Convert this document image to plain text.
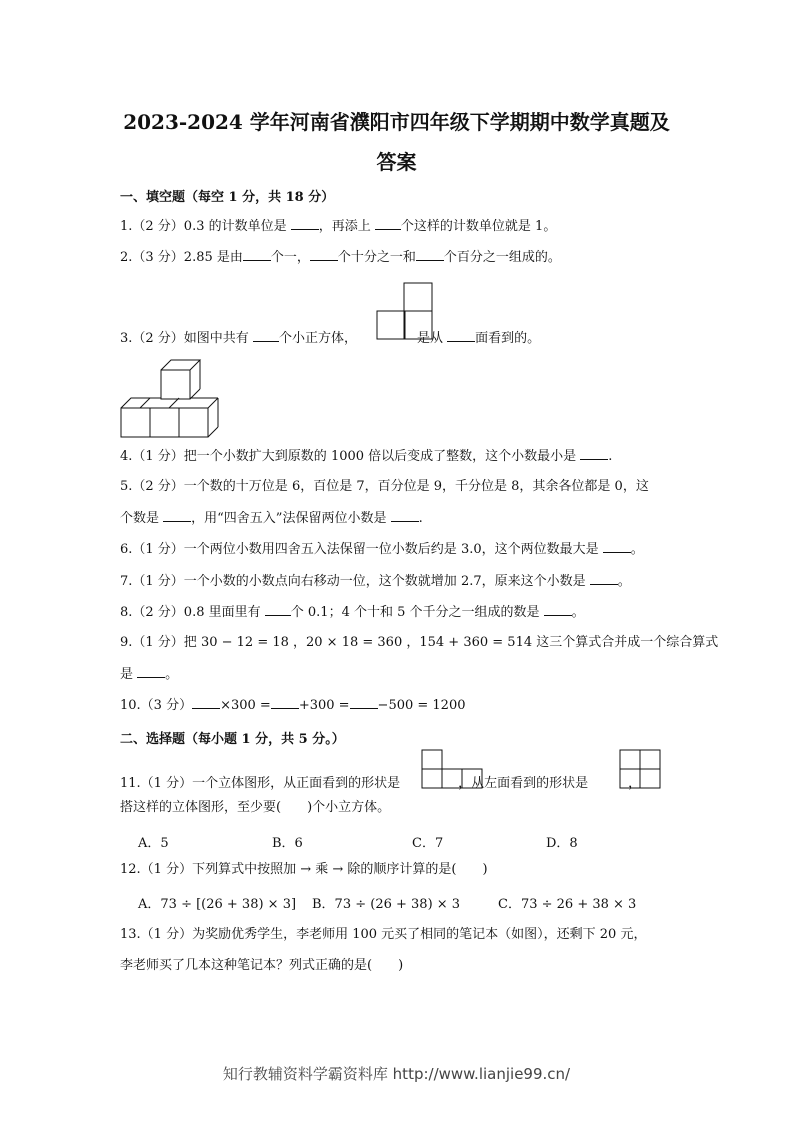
2023-2024 学年河南省濮阳市四年级下学期期中数学真题及
答案
一、填空题（每空 1 分，共 18 分）
1.（2 分）0.3 的计数单位是 ，再添上 个这样的计数单位就是 1。
2.（3 分）2.85 是由 个一， 个十分之一和 个百分之一组成的。
3.（2 分）如图中共有 个小正方体，	是从 面看到的。
4.（1 分）把一个小数扩大到原数的 1000 倍以后变成了整数，这个小数最小是 .
5.（2 分）一个数的十万位是 6，百位是 7，百分位是 9，千分位是 8，其余各位都是 0，这
个数是 ，用“四舍五入”法保留两位小数是 .
6.（1 分）一个两位小数用四舍五入法保留一位小数后约是 3.0，这个两位数最大是 。
7.（1 分）一个小数的小数点向右移动一位，这个数就增加 2.7，原来这个小数是 。
8.（2 分）0.8 里面里有 个 0.1；4 个十和 5 个千分之一组成的数是 。
9.（1 分）把 30 − 12 = 18 ，20 × 18 = 360 ，154 + 360 = 514 这三个算式合并成一个综合算式
是 。
10.（3 分） ×300 = +300 = −500 = 1200
二、选择题（每小题 1 分，共 5 分。）
11.（1 分）一个立体图形，从正面看到的形状是	，从左面看到的形状是	，
搭这样的立体图形，至少要(　　)个小立方体。
A．5	B．6	C．7	D．8
12.（1 分）下列算式中按照加 → 乘 → 除的顺序计算的是(　　)
A．73 ÷ [(26 + 38) × 3] B．73 ÷ (26 + 38) × 3	C．73 ÷ 26 + 38 × 3
13.（1 分）为奖励优秀学生，李老师用 100 元买了相同的笔记本（如图），还剩下 20 元，
李老师买了几本这种笔记本？列式正确的是(　　)
知行教辅资料学霸资料库 http://www.lianjie99.cn/
